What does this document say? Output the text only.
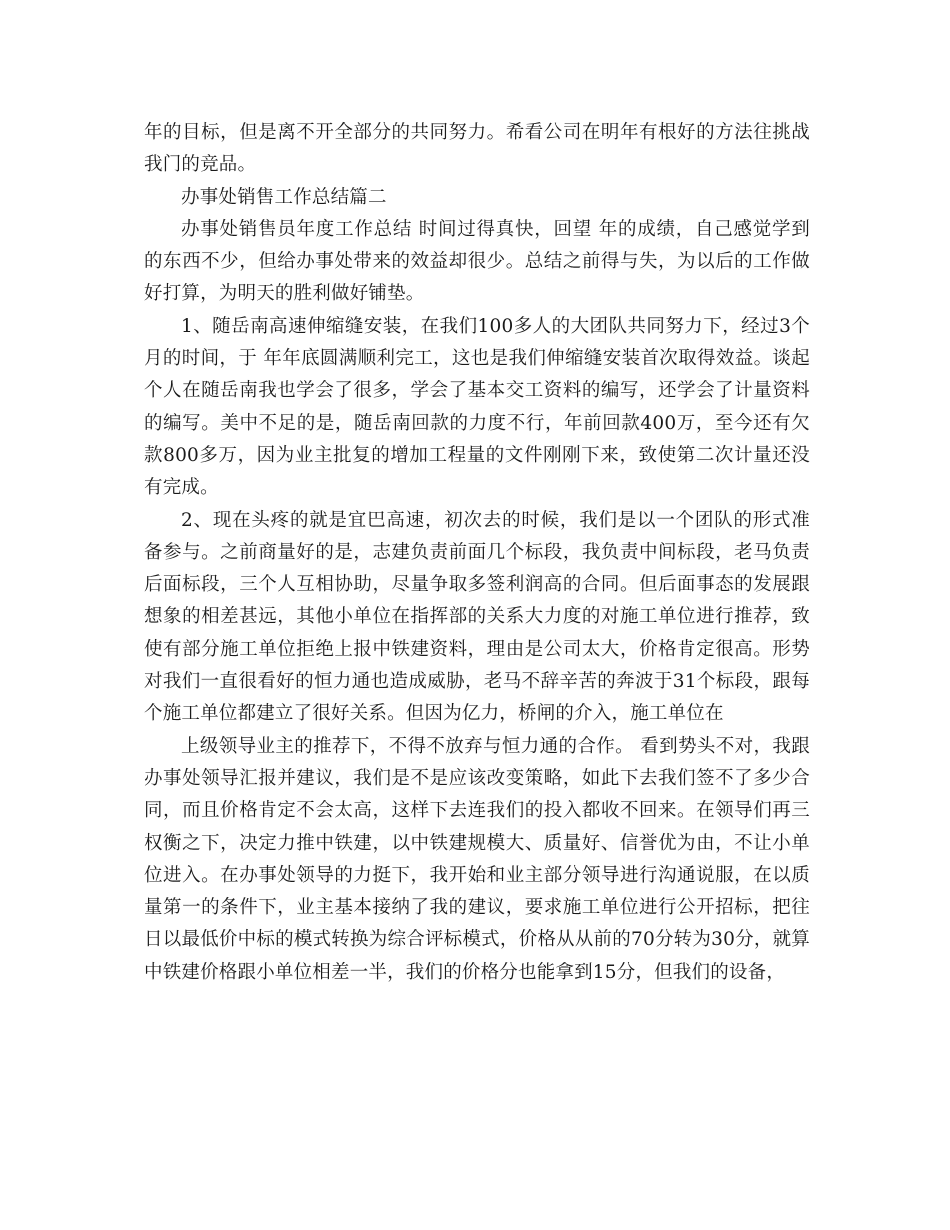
年的目标，但是离不开全部分的共同努力。希看公司在明年有根好的方法往挑战我门的竞品。

办事处销售工作总结篇二

办事处销售员年度工作总结 时间过得真快，回望 年的成绩，自己感觉学到的东西不少，但给办事处带来的效益却很少。总结之前得与失，为以后的工作做好打算，为明天的胜利做好铺垫。

1、随岳南高速伸缩缝安装，在我们100多人的大团队共同努力下，经过3个月的时间，于 年年底圆满顺利完工，这也是我们伸缩缝安装首次取得效益。谈起个人在随岳南我也学会了很多，学会了基本交工资料的编写，还学会了计量资料的编写。美中不足的是，随岳南回款的力度不行，年前回款400万，至今还有欠款800多万，因为业主批复的增加工程量的文件刚刚下来，致使第二次计量还没有完成。

2、现在头疼的就是宜巴高速，初次去的时候，我们是以一个团队的形式准备参与。之前商量好的是，志建负责前面几个标段，我负责中间标段，老马负责后面标段，三个人互相协助，尽量争取多签利润高的合同。但后面事态的发展跟想象的相差甚远，其他小单位在指挥部的关系大力度的对施工单位进行推荐，致使有部分施工单位拒绝上报中铁建资料，理由是公司太大，价格肯定很高。形势对我们一直很看好的恒力通也造成威胁，老马不辞辛苦的奔波于31个标段，跟每个施工单位都建立了很好关系。但因为亿力，桥闸的介入，施工单位在

上级领导业主的推荐下，不得不放弃与恒力通的合作。 看到势头不对，我跟办事处领导汇报并建议，我们是不是应该改变策略，如此下去我们签不了多少合同，而且价格肯定不会太高，这样下去连我们的投入都收不回来。在领导们再三权衡之下，决定力推中铁建，以中铁建规模大、质量好、信誉优为由，不让小单位进入。在办事处领导的力挺下，我开始和业主部分领导进行沟通说服，在以质量第一的条件下，业主基本接纳了我的建议，要求施工单位进行公开招标，把往日以最低价中标的模式转换为综合评标模式，价格从从前的70分转为30分，就算中铁建价格跟小单位相差一半，我们的价格分也能拿到15分，但我们的设备，
